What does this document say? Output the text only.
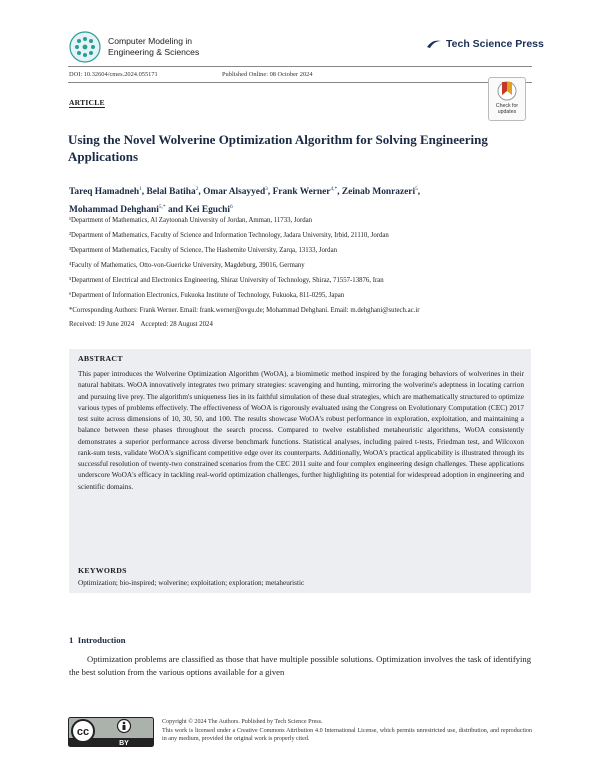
Computer Modeling in
Engineering & Sciences
Tech Science Press
DOI: 10.32604/cmes.2024.055171	Published Online: 08 October 2024
ARTICLE	Check for
updates
Using the Novel Wolverine Optimization Algorithm for Solving Engineering Applications
Tareq Hamadneh$^1$, Belal Batiha$^2$, Omar Alsayyed$^3$, Frank Werner$^{4,*}$, Zeinab Monrazeri$^5$,
Mohammad Dehghani$^{5,*}$ and Kei Eguchi$^6$
¹Department of Mathematics, Al Zaytoonah University of Jordan, Amman, 11733, Jordan
²Department of Mathematics, Faculty of Science and Information Technology, Jadara University, Irbid, 21110, Jordan
³Department of Mathematics, Faculty of Science, The Hashemite University, Zarqa, 13133, Jordan
⁴Faculty of Mathematics, Otto-von-Guericke University, Magdeburg, 39016, Germany
⁵Department of Electrical and Electronics Engineering, Shiraz University of Technology, Shiraz, 71557-13876, Iran
⁶Department of Information Electronics, Fukuoka Institute of Technology, Fukuoka, 811-0295, Japan
*Corresponding Authors: Frank Werner. Email: frank.werner@ovgu.de; Mohammad Dehghani. Email: m.dehghani@sutech.ac.ir
Received: 19 June 2024    Accepted: 28 August 2024
ABSTRACT
This paper introduces the Wolverine Optimization Algorithm (WoOA), a biomimetic method inspired by the foraging behaviors of wolverines in their natural habitats. WoOA innovatively integrates two primary strategies: scavenging and hunting, mirroring the wolverine's adeptness in locating carrion and pursuing live prey. The algorithm's uniqueness lies in its faithful simulation of these dual strategies, which are mathematically structured to optimize various types of problems effectively. The effectiveness of WoOA is rigorously evaluated using the Congress on Evolutionary Computation (CEC) 2017 test suite across dimensions of 10, 30, 50, and 100. The results showcase WoOA's robust performance in exploration, exploitation, and maintaining a balance between these phases throughout the search process. Compared to twelve established metaheuristic algorithms, WoOA consistently demonstrates a superior performance across diverse benchmark functions. Statistical analyses, including paired t-tests, Friedman test, and Wilcoxon rank-sum tests, validate WoOA's significant competitive edge over its counterparts. Additionally, WoOA's practical applicability is illustrated through its successful resolution of twenty-two constrained scenarios from the CEC 2011 suite and four complex engineering design challenges. These applications underscore WoOA's efficacy in tackling real-world optimization challenges, further highlighting its potential for widespread adoption in engineering and scientific domains.
KEYWORDS
Optimization; bio-inspired; wolverine; exploitation; exploration; metaheuristic
1  Introduction

Optimization problems are classified as those that have multiple possible solutions. Optimization involves the task of identifying the best solution from the various options available for a given

cc
BY
Copyright © 2024 The Authors. Published by Tech Science Press.
This work is licensed under a Creative Commons Attribution 4.0 International License, which permits unrestricted use, distribution, and reproduction in any medium, provided the original work is properly cited.
